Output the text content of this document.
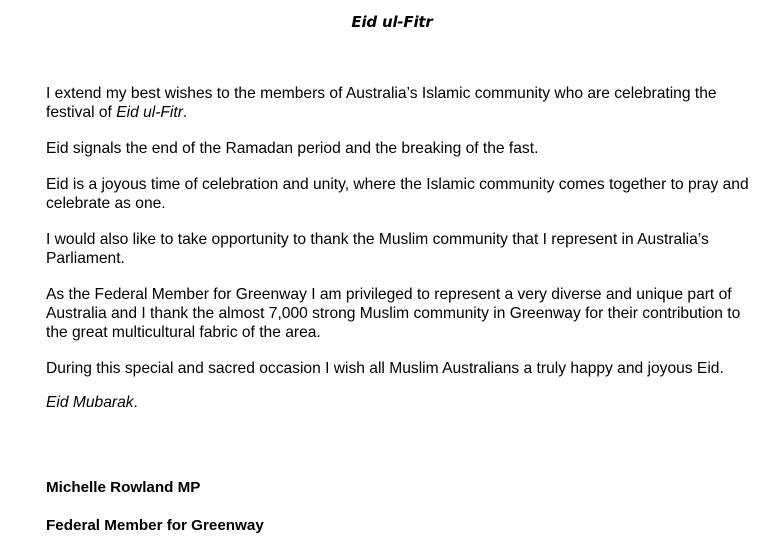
Eid ul-Fitr

I extend my best wishes to the members of Australia’s Islamic community who are celebrating the festival of Eid ul-Fitr.

Eid signals the end of the Ramadan period and the breaking of the fast.

Eid is a joyous time of celebration and unity, where the Islamic community comes together to pray and celebrate as one.

I would also like to take opportunity to thank the Muslim community that I represent in Australia’s Parliament.

As the Federal Member for Greenway I am privileged to represent a very diverse and unique part of Australia and I thank the almost 7,000 strong Muslim community in Greenway for their contribution to the great multicultural fabric of the area.

During this special and sacred occasion I wish all Muslim Australians a truly happy and joyous Eid.

Eid Mubarak.

Michelle Rowland MP
Federal Member for Greenway
